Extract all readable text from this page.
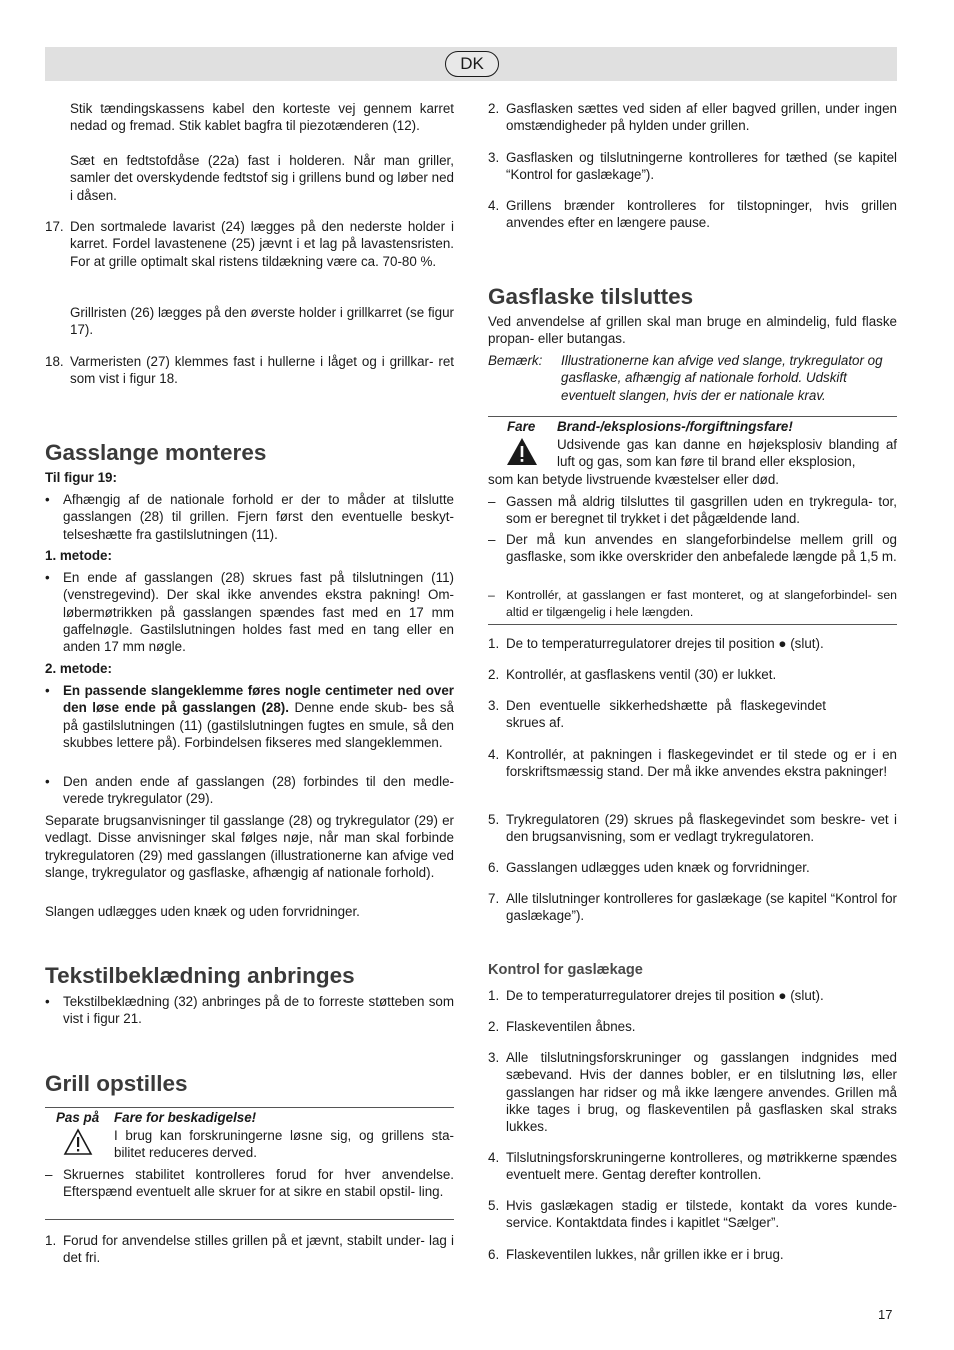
DK
Stik tændingskassens kabel den korteste vej gennem karret nedad og fremad. Stik kablet bagfra til piezotænderen (12).
Sæt en fedtstofdåse (22a) fast i holderen. Når man griller, samler det overskydende fedtstof sig i grillens bund og løber ned i dåsen.
17. Den sortmalede lavarist (24) lægges på den nederste holder i karret. Fordel lavastenene (25) jævnt i et lag på lavastensristen. For at grille optimalt skal ristens tildækning være ca. 70-80 %.
Grillristen (26) lægges på den øverste holder i grillkarret (se figur 17).
18. Varmeristen (27) klemmes fast i hullerne i låget og i grillkar- ret som vist i figur 18.
Gasslange monteres
Til figur 19:
• Afhængig af de nationale forhold er der to måder at tilslutte gasslangen (28) til grillen. Fjern først den eventuelle beskyt- telseshætte fra gastilslutningen (11).
1. metode:
• En ende af gasslangen (28) skrues fast på tilslutningen (11) (venstregevind). Der skal ikke anvendes ekstra pakning! Om- løbermøtrikken på gasslangen spændes fast med en 17 mm gaffelnøgle. Gastilslutningen holdes fast med en tang eller en anden 17 mm nøgle.
2. metode:
• En passende slangeklemme føres nogle centimeter ned over den løse ende på gasslangen (28). Denne ende skub- bes så på gastilslutningen (11) (gastilslutningen fugtes en smule, så den skubbes lettere på). Forbindelsen fikseres med slangeklemmen.
• Den anden ende af gasslangen (28) forbindes til den medle- verede trykregulator (29).
Separate brugsanvisninger til gasslange (28) og trykregulator (29) er vedlagt. Disse anvisninger skal følges nøje, når man skal forbinde trykregulatoren (29) med gasslangen (illustrationerne kan afvige ved slange, trykregulator og gasflaske, afhængig af nationale forhold).
Slangen udlægges uden knæk og uden forvridninger.
Tekstilbeklædning anbringes
• Tekstilbeklædning (32) anbringes på de to forreste støtteben som vist i figur 21.
Grill opstilles
Pas på Fare for beskadigelse!
I brug kan forskruningerne løsne sig, og grillens sta- bilitet reduceres derved.
– Skruernes stabilitet kontrolleres forud for hver anvendelse. Efterspænd eventuelt alle skruer for at sikre en stabil opstil- ling.
1. Forud for anvendelse stilles grillen på et jævnt, stabilt under- lag i det fri.
2. Gasflasken sættes ved siden af eller bagved grillen, under ingen omstændigheder på hylden under grillen.
3. Gasflasken og tilslutningerne kontrolleres for tæthed (se kapitel “Kontrol for gaslækage”).
4. Grillens brænder kontrolleres for tilstopninger, hvis grillen anvendes efter en længere pause.
Gasflaske tilsluttes
Ved anvendelse af grillen skal man bruge en almindelig, fuld flaske propan- eller butangas.
Bemærk:	Illustrationerne kan afvige ved slange, trykregulator og gasflaske, afhængig af nationale forhold. Udskift eventuelt slangen, hvis der er nationale krav.
Fare Brand-/eksplosions-/forgiftningsfare!
Udsivende gas kan danne en højeksplosiv blanding af luft og gas, som kan føre til brand eller eksplosion,
som kan betyde livstruende kvæstelser eller død.
– Gassen må aldrig tilsluttes til gasgrillen uden en trykregula- tor, som er beregnet til trykket i det pågældende land.
– Der må kun anvendes en slangeforbindelse mellem grill og gasflaske, som ikke overskrider den anbefalede længde på 1,5 m.
– Kontrollér, at gasslangen er fast monteret, og at slangeforbindel- sen altid er tilgængelig i hele længden.
1. De to temperaturregulatorer drejes til position ● (slut).
2. Kontrollér, at gasflaskens ventil (30) er lukket.
3. Den eventuelle sikkerhedshætte på flaskegevindet skrues af.
4. Kontrollér, at pakningen i flaskegevindet er til stede og er i en forskriftsmæssig stand. Der må ikke anvendes ekstra pakninger!
5. Trykregulatoren (29) skrues på flaskegevindet som beskre- vet i den brugsanvisning, som er vedlagt trykregulatoren.
6. Gasslangen udlægges uden knæk og forvridninger.
7. Alle tilslutninger kontrolleres for gaslækage (se kapitel “Kontrol for gaslækage”).
Kontrol for gaslækage
1. De to temperaturregulatorer drejes til position ● (slut).
2. Flaskeventilen åbnes.
3. Alle tilslutningsforskruninger og gasslangen indgnides med sæbevand. Hvis der dannes bobler, er en tilslutning løs, eller gasslangen har ridser og må ikke længere anvendes. Grillen må ikke tages i brug, og flaskeventilen på gasflasken skal straks lukkes.
4. Tilslutningsforskruningerne kontrolleres, og møtrikkerne spændes eventuelt mere. Gentag derefter kontrollen.
5. Hvis gaslækagen stadig er tilstede, kontakt da vores kunde- service. Kontaktdata findes i kapitlet “Sælger”.
6. Flaskeventilen lukkes, når grillen ikke er i brug.
17
